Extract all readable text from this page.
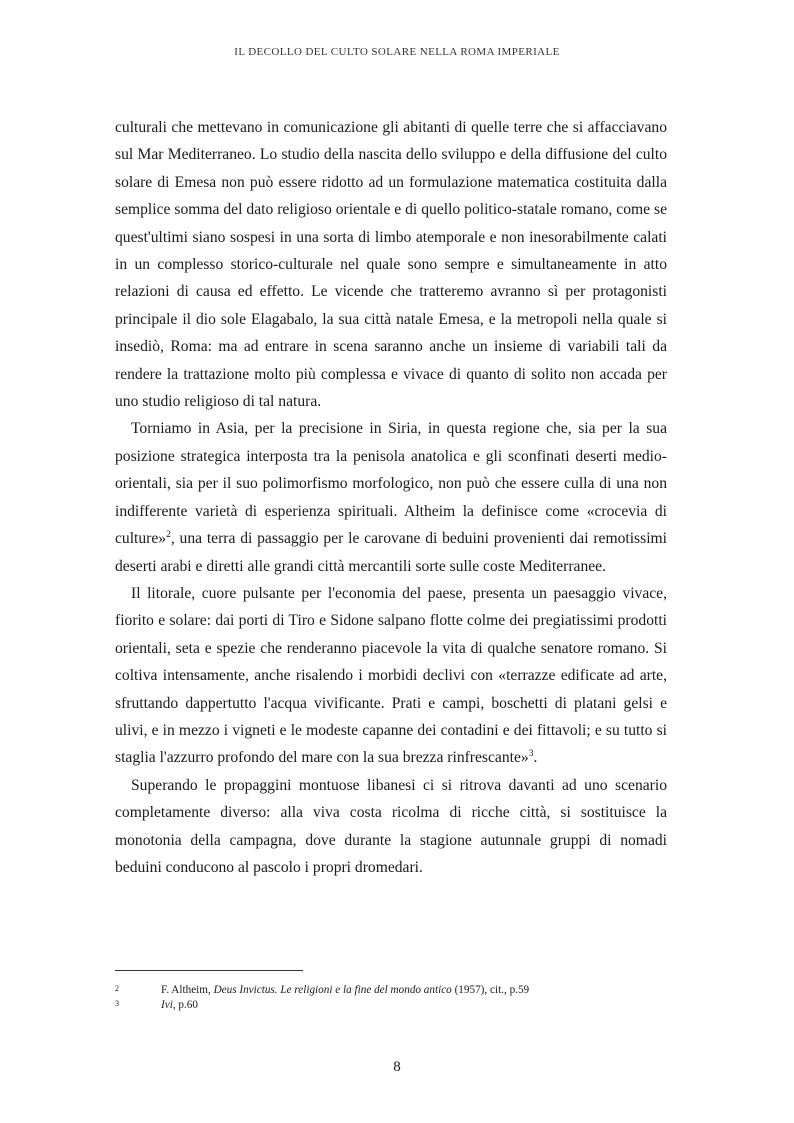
IL DECOLLO DEL CULTO SOLARE NELLA ROMA IMPERIALE

culturali che mettevano in comunicazione gli abitanti di quelle terre che si affacciavano sul Mar Mediterraneo. Lo studio della nascita dello sviluppo e della diffusione del culto solare di Emesa non può essere ridotto ad un formulazione matematica costituita dalla semplice somma del dato religioso orientale e di quello politico-statale romano, come se quest'ultimi siano sospesi in una sorta di limbo atemporale e non inesorabilmente calati in un complesso storico-culturale nel quale sono sempre e simultaneamente in atto relazioni di causa ed effetto. Le vicende che tratteremo avranno sì per protagonisti principale il dio sole Elagabalo, la sua città natale Emesa, e la metropoli nella quale si insediò, Roma: ma ad entrare in scena saranno anche un insieme di variabili tali da rendere la trattazione molto più complessa e vivace di quanto di solito non accada per uno studio religioso di tal natura.

Torniamo in Asia, per la precisione in Siria, in questa regione che, sia per la sua posizione strategica interposta tra la penisola anatolica e gli sconfinati deserti medio-orientali, sia per il suo polimorfismo morfologico, non può che essere culla di una non indifferente varietà di esperienza spirituali. Altheim la definisce come «crocevia di culture»$^2$, una terra di passaggio per le carovane di beduini provenienti dai remotissimi deserti arabi e diretti alle grandi città mercantili sorte sulle coste Mediterranee.

Il litorale, cuore pulsante per l'economia del paese, presenta un paesaggio vivace, fiorito e solare: dai porti di Tiro e Sidone salpano flotte colme dei pregiatissimi prodotti orientali, seta e spezie che renderanno piacevole la vita di qualche senatore romano. Si coltiva intensamente, anche risalendo i morbidi declivi con «terrazze edificate ad arte, sfruttando dappertutto l'acqua vivificante. Prati e campi, boschetti di platani gelsi e ulivi, e in mezzo i vigneti e le modeste capanne dei contadini e dei fittavoli; e su tutto si staglia l'azzurro profondo del mare con la sua brezza rinfrescante»$^3$.

Superando le propaggini montuose libanesi ci si ritrova davanti ad uno scenario completamente diverso: alla viva costa ricolma di ricche città, si sostituisce la monotonia della campagna, dove durante la stagione autunnale gruppi di nomadi beduini conducono al pascolo i propri dromedari.

2	F. Altheim, Deus Invictus. Le religioni e la fine del mondo antico (1957), cit., p.59
3	Ivi, p.60
8
